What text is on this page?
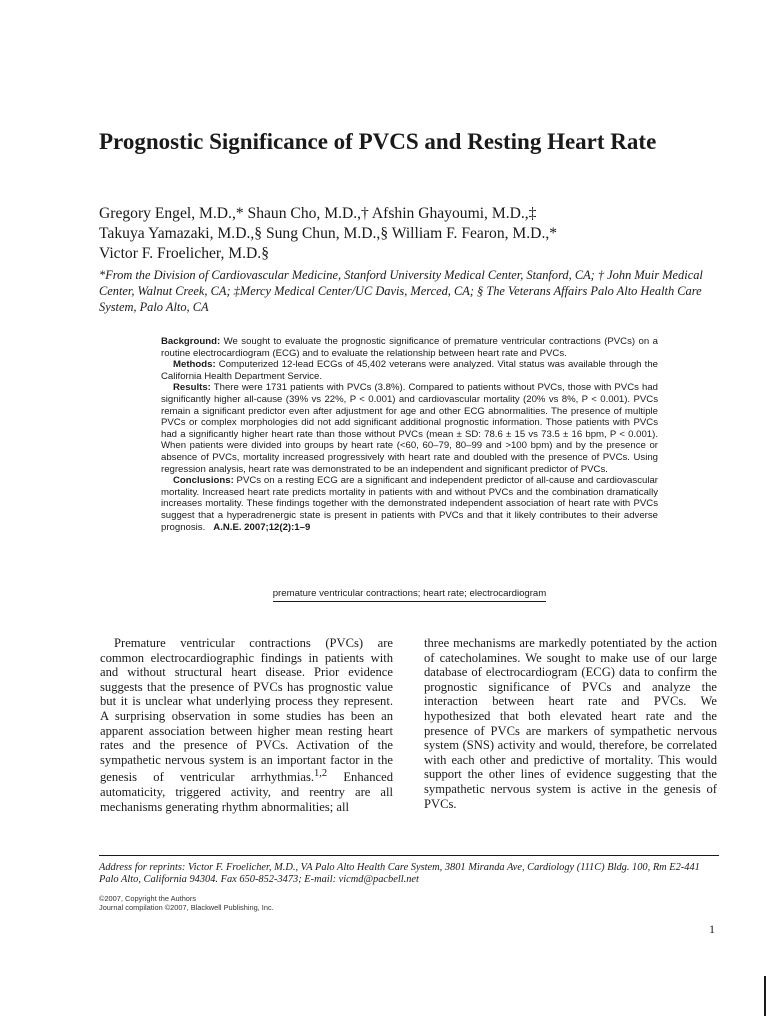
Prognostic Significance of PVCS and Resting Heart Rate
Gregory Engel, M.D.,* Shaun Cho, M.D.,† Afshin Ghayoumi, M.D.,‡
Takuya Yamazaki, M.D.,§ Sung Chun, M.D.,§ William F. Fearon, M.D.,*
Victor F. Froelicher, M.D.§
*From the Division of Cardiovascular Medicine, Stanford University Medical Center, Stanford, CA; † John Muir Medical Center, Walnut Creek, CA; ‡Mercy Medical Center/UC Davis, Merced, CA; § The Veterans Affairs Palo Alto Health Care System, Palo Alto, CA

Background: We sought to evaluate the prognostic significance of premature ventricular contractions (PVCs) on a routine electrocardiogram (ECG) and to evaluate the relationship between heart rate and PVCs.

Methods: Computerized 12-lead ECGs of 45,402 veterans were analyzed. Vital status was available through the California Health Department Service.

Results: There were 1731 patients with PVCs (3.8%). Compared to patients without PVCs, those with PVCs had significantly higher all-cause (39% vs 22%, P < 0.001) and cardiovascular mortality (20% vs 8%, P < 0.001). PVCs remain a significant predictor even after adjustment for age and other ECG abnormalities. The presence of multiple PVCs or complex morphologies did not add significant additional prognostic information. Those patients with PVCs had a significantly higher heart rate than those without PVCs (mean ± SD: 78.6 ± 15 vs 73.5 ± 16 bpm, P < 0.001). When patients were divided into groups by heart rate (<60, 60–79, 80–99 and >100 bpm) and by the presence or absence of PVCs, mortality increased progressively with heart rate and doubled with the presence of PVCs. Using regression analysis, heart rate was demonstrated to be an independent and significant predictor of PVCs.

Conclusions: PVCs on a resting ECG are a significant and independent predictor of all-cause and cardiovascular mortality. Increased heart rate predicts mortality in patients with and without PVCs and the combination dramatically increases mortality. These findings together with the demonstrated independent association of heart rate with PVCs suggest that a hyperadrenergic state is present in patients with PVCs and that it likely contributes to their adverse prognosis. A.N.E. 2007;12(2):1–9

premature ventricular contractions; heart rate; electrocardiogram

Premature ventricular contractions (PVCs) are common electrocardiographic findings in patients with and without structural heart disease. Prior evidence suggests that the presence of PVCs has prognostic value but it is unclear what underlying process they represent. A surprising observation in some studies has been an apparent association between higher mean resting heart rates and the presence of PVCs. Activation of the sympathetic nervous system is an important factor in the genesis of ventricular arrhythmias.$^{1,2}$ Enhanced automaticity, triggered activity, and reentry are all mechanisms generating rhythm abnormalities; all

three mechanisms are markedly potentiated by the action of catecholamines. We sought to make use of our large database of electrocardiogram (ECG) data to confirm the prognostic significance of PVCs and analyze the interaction between heart rate and PVCs. We hypothesized that both elevated heart rate and the presence of PVCs are markers of sympathetic nervous system (SNS) activity and would, therefore, be correlated with each other and predictive of mortality. This would support the other lines of evidence suggesting that the sympathetic nervous system is active in the genesis of PVCs.

Address for reprints: Victor F. Froelicher, M.D., VA Palo Alto Health Care System, 3801 Miranda Ave, Cardiology (111C) Bldg. 100, Rm E2-441 Palo Alto, California 94304. Fax 650-852-3473; E-mail: vicmd@pacbell.net
©2007, Copyright the Authors
Journal compilation ©2007, Blackwell Publishing, Inc.
1
